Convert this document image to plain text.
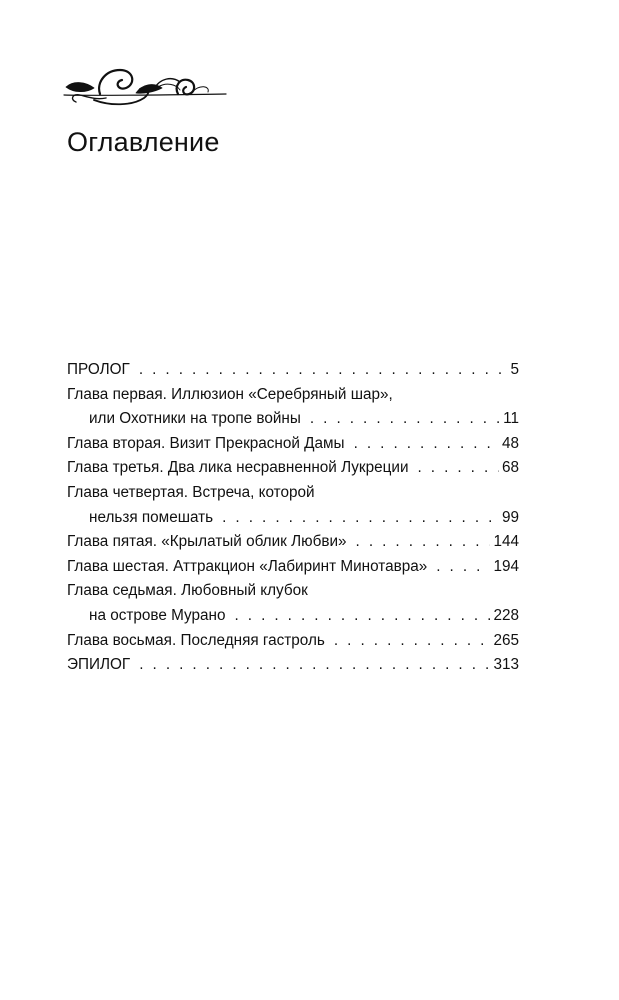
Оглавление
ПРОЛОГ . . .	5
Глава первая. Иллюзион «Серебряный шар»,
или Охотники на тропе войны . . .	11
Глава вторая. Визит Прекрасной Дамы . . .	48
Глава третья. Два лика несравненной Лукреции . . .	68
Глава четвертая. Встреча, которой
нельзя помешать . . .	99
Глава пятая. «Крылатый облик Любви» . . .	144
Глава шестая. Аттракцион «Лабиринт Минотавра» . . .	194
Глава седьмая. Любовный клубок
на острове Мурано . . .	228
Глава восьмая. Последняя гастроль . . .	265
ЭПИЛОГ . . .	313
